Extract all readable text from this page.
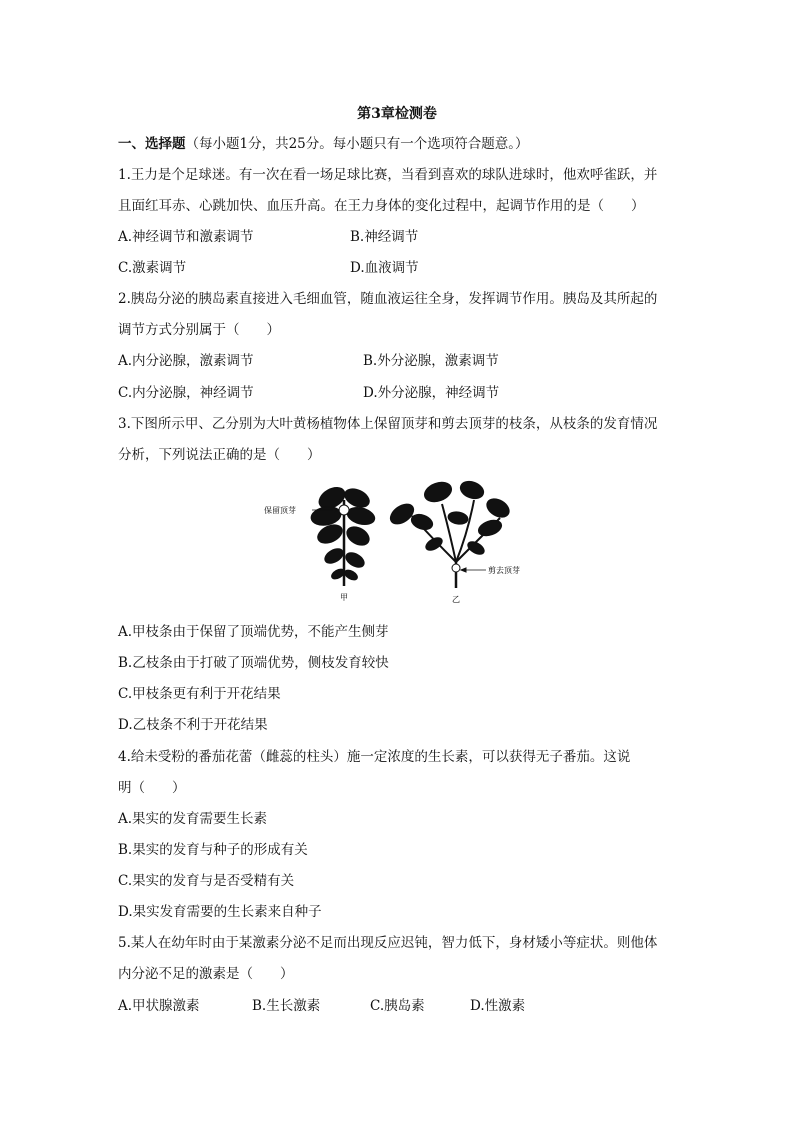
第3章检测卷
一、选择题（每小题1分，共25分。每小题只有一个选项符合题意。）
1.王力是个足球迷。有一次在看一场足球比赛，当看到喜欢的球队进球时，他欢呼雀跃，并
且面红耳赤、心跳加快、血压升高。在王力身体的变化过程中，起调节作用的是（　　）
A.神经调节和激素调节	B.神经调节
C.激素调节	D.血液调节
2.胰岛分泌的胰岛素直接进入毛细血管，随血液运往全身，发挥调节作用。胰岛及其所起的
调节方式分别属于（　　）
A.内分泌腺，激素调节	B.外分泌腺，激素调节
C.内分泌腺，神经调节	D.外分泌腺，神经调节
3.下图所示甲、乙分别为大叶黄杨植物体上保留顶芽和剪去顶芽的枝条，从枝条的发育情况
分析，下列说法正确的是（　　）
保留顶芽
剪去顶芽
甲	乙
A.甲枝条由于保留了顶端优势，不能产生侧芽
B.乙枝条由于打破了顶端优势，侧枝发育较快
C.甲枝条更有利于开花结果
D.乙枝条不利于开花结果
4.给未受粉的番茄花蕾（雌蕊的柱头）施一定浓度的生长素，可以获得无子番茄。这说
明（　　）
A.果实的发育需要生长素
B.果实的发育与种子的形成有关
C.果实的发育与是否受精有关
D.果实发育需要的生长素来自种子
5.某人在幼年时由于某激素分泌不足而出现反应迟钝，智力低下，身材矮小等症状。则他体
内分泌不足的激素是（　　）
A.甲状腺激素	B.生长激素	C.胰岛素	D.性激素
